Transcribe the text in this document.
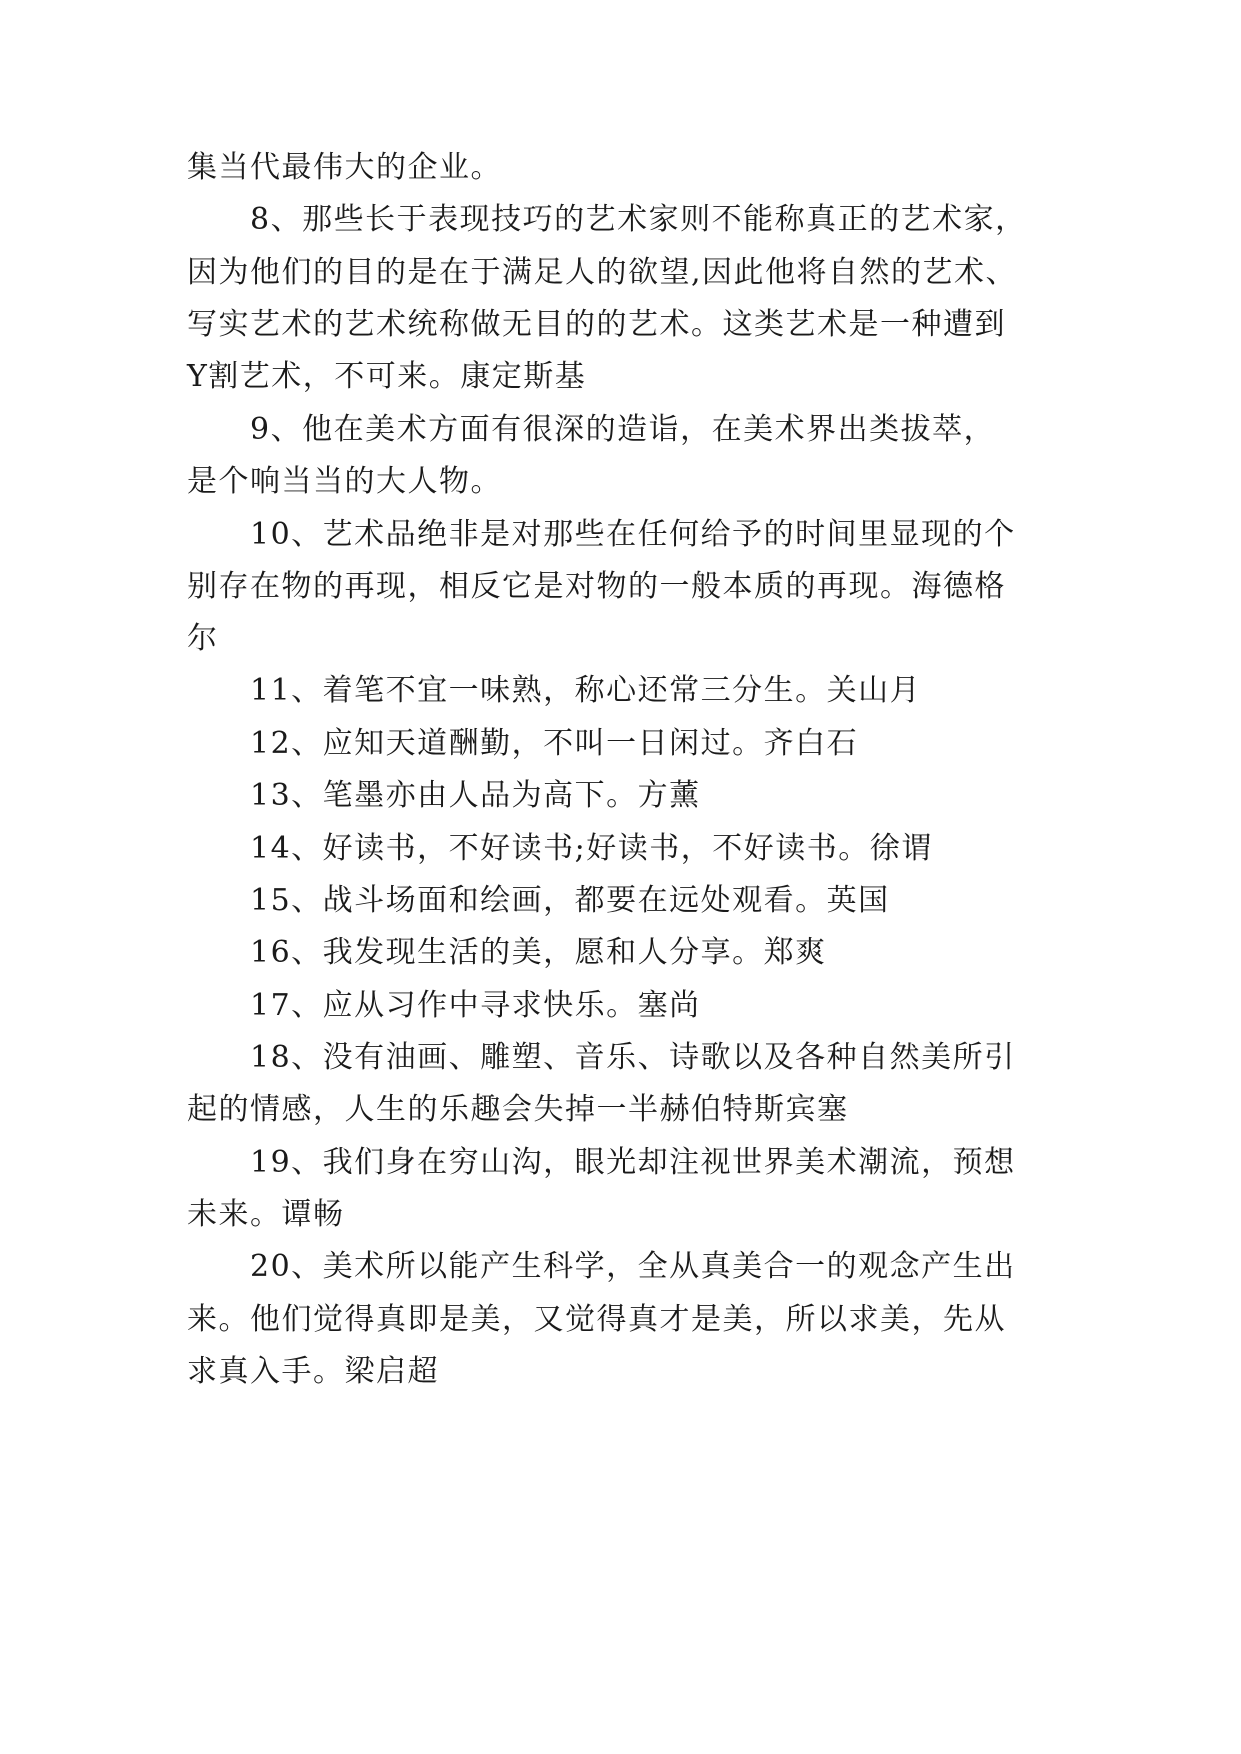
集当代最伟大的企业。
8、那些长于表现技巧的艺术家则不能称真正的艺术家，
因为他们的目的是在于满足人的欲望,因此他将自然的艺术、
写实艺术的艺术统称做无目的的艺术。这类艺术是一种遭到
Y割艺术，不可来。康定斯基
9、他在美术方面有很深的造诣，在美术界出类拔萃，
是个响当当的大人物。
10、艺术品绝非是对那些在任何给予的时间里显现的个
别存在物的再现，相反它是对物的一般本质的再现。海德格
尔
11、着笔不宜一味熟，称心还常三分生。关山月
12、应知天道酬勤，不叫一日闲过。齐白石
13、笔墨亦由人品为高下。方薰
14、好读书，不好读书;好读书，不好读书。徐谓
15、战斗场面和绘画，都要在远处观看。英国
16、我发现生活的美，愿和人分享。郑爽
17、应从习作中寻求快乐。塞尚
18、没有油画、雕塑、音乐、诗歌以及各种自然美所引
起的情感，人生的乐趣会失掉一半赫伯特斯宾塞
19、我们身在穷山沟，眼光却注视世界美术潮流，预想
未来。谭畅
20、美术所以能产生科学，全从真美合一的观念产生出
来。他们觉得真即是美，又觉得真才是美，所以求美，先从
求真入手。梁启超
